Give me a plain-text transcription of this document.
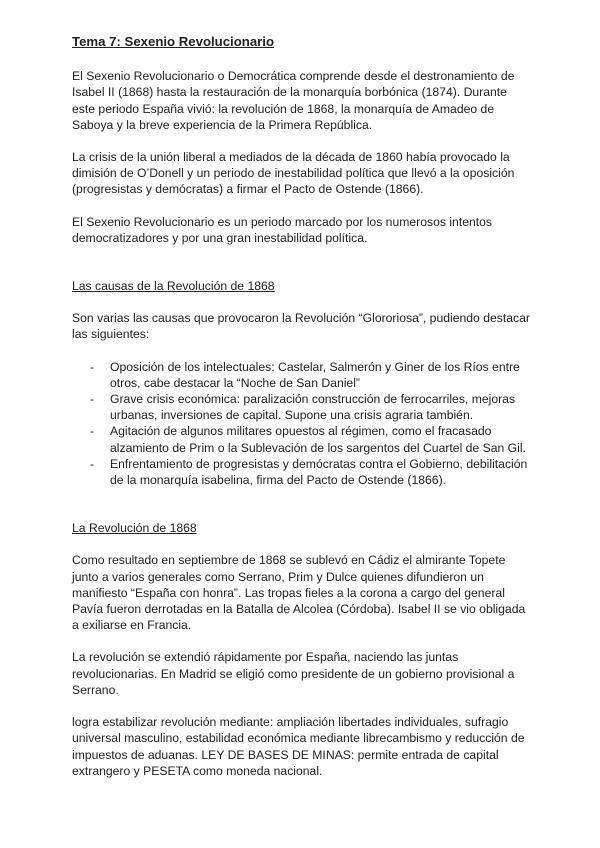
Tema 7: Sexenio Revolucionario

El Sexenio Revolucionario o Democrática comprende desde el destronamiento de Isabel II (1868) hasta la restauración de la monarquía borbónica (1874). Durante este periodo España vivió: la revolución de 1868, la monarquía de Amadeo de Saboya y la breve experiencia de la Primera República.

La crisis de la unión liberal a mediados de la década de 1860 había provocado la dimisión de O’Donell y un periodo de inestabilidad política que llevó a la oposición (progresistas y demócratas) a firmar el Pacto de Ostende (1866).

El Sexenio Revolucionario es un periodo marcado por los numerosos intentos democratizadores y por una gran inestabilidad política.

Las causas de la Revolución de 1868

Son varias las causas que provocaron la Revolución “Glororiosa”, pudiendo destacar las siguientes:

- Oposición de los intelectuales: Castelar, Salmerón y Giner de los Ríos entre otros, cabe destacar la “Noche de San Daniel”
- Grave crisis económica: paralización construcción de ferrocarriles, mejoras urbanas, inversiones de capital. Supone una crisis agraria también.
- Agitación de algunos militares opuestos al régimen, como el fracasado alzamiento de Prim o la Sublevación de los sargentos del Cuartel de San Gil.
- Enfrentamiento de progresistas y demócratas contra el Gobierno, debilitación de la monarquía isabelina, firma del Pacto de Ostende (1866).
La Revolución de 1868

Como resultado en septiembre de 1868 se sublevó en Cádiz el almirante Topete junto a varios generales como Serrano, Prim y Dulce quienes difundieron un manifiesto “España con honra”. Las tropas fieles a la corona a cargo del general Pavía fueron derrotadas en la Batalla de Alcolea (Córdoba). Isabel II se vio obligada a exiliarse en Francia.

La revolución se extendió rápidamente por España, naciendo las juntas revolucionarias. En Madrid se eligió como presidente de un gobierno provisional a Serrano.

logra estabilizar revolución mediante: ampliación libertades individuales, sufragio universal masculino, estabilidad económica mediante librecambismo y reducción de impuestos de aduanas. LEY DE BASES DE MINAS: permite entrada de capital extrangero y PESETA como moneda nacional.
